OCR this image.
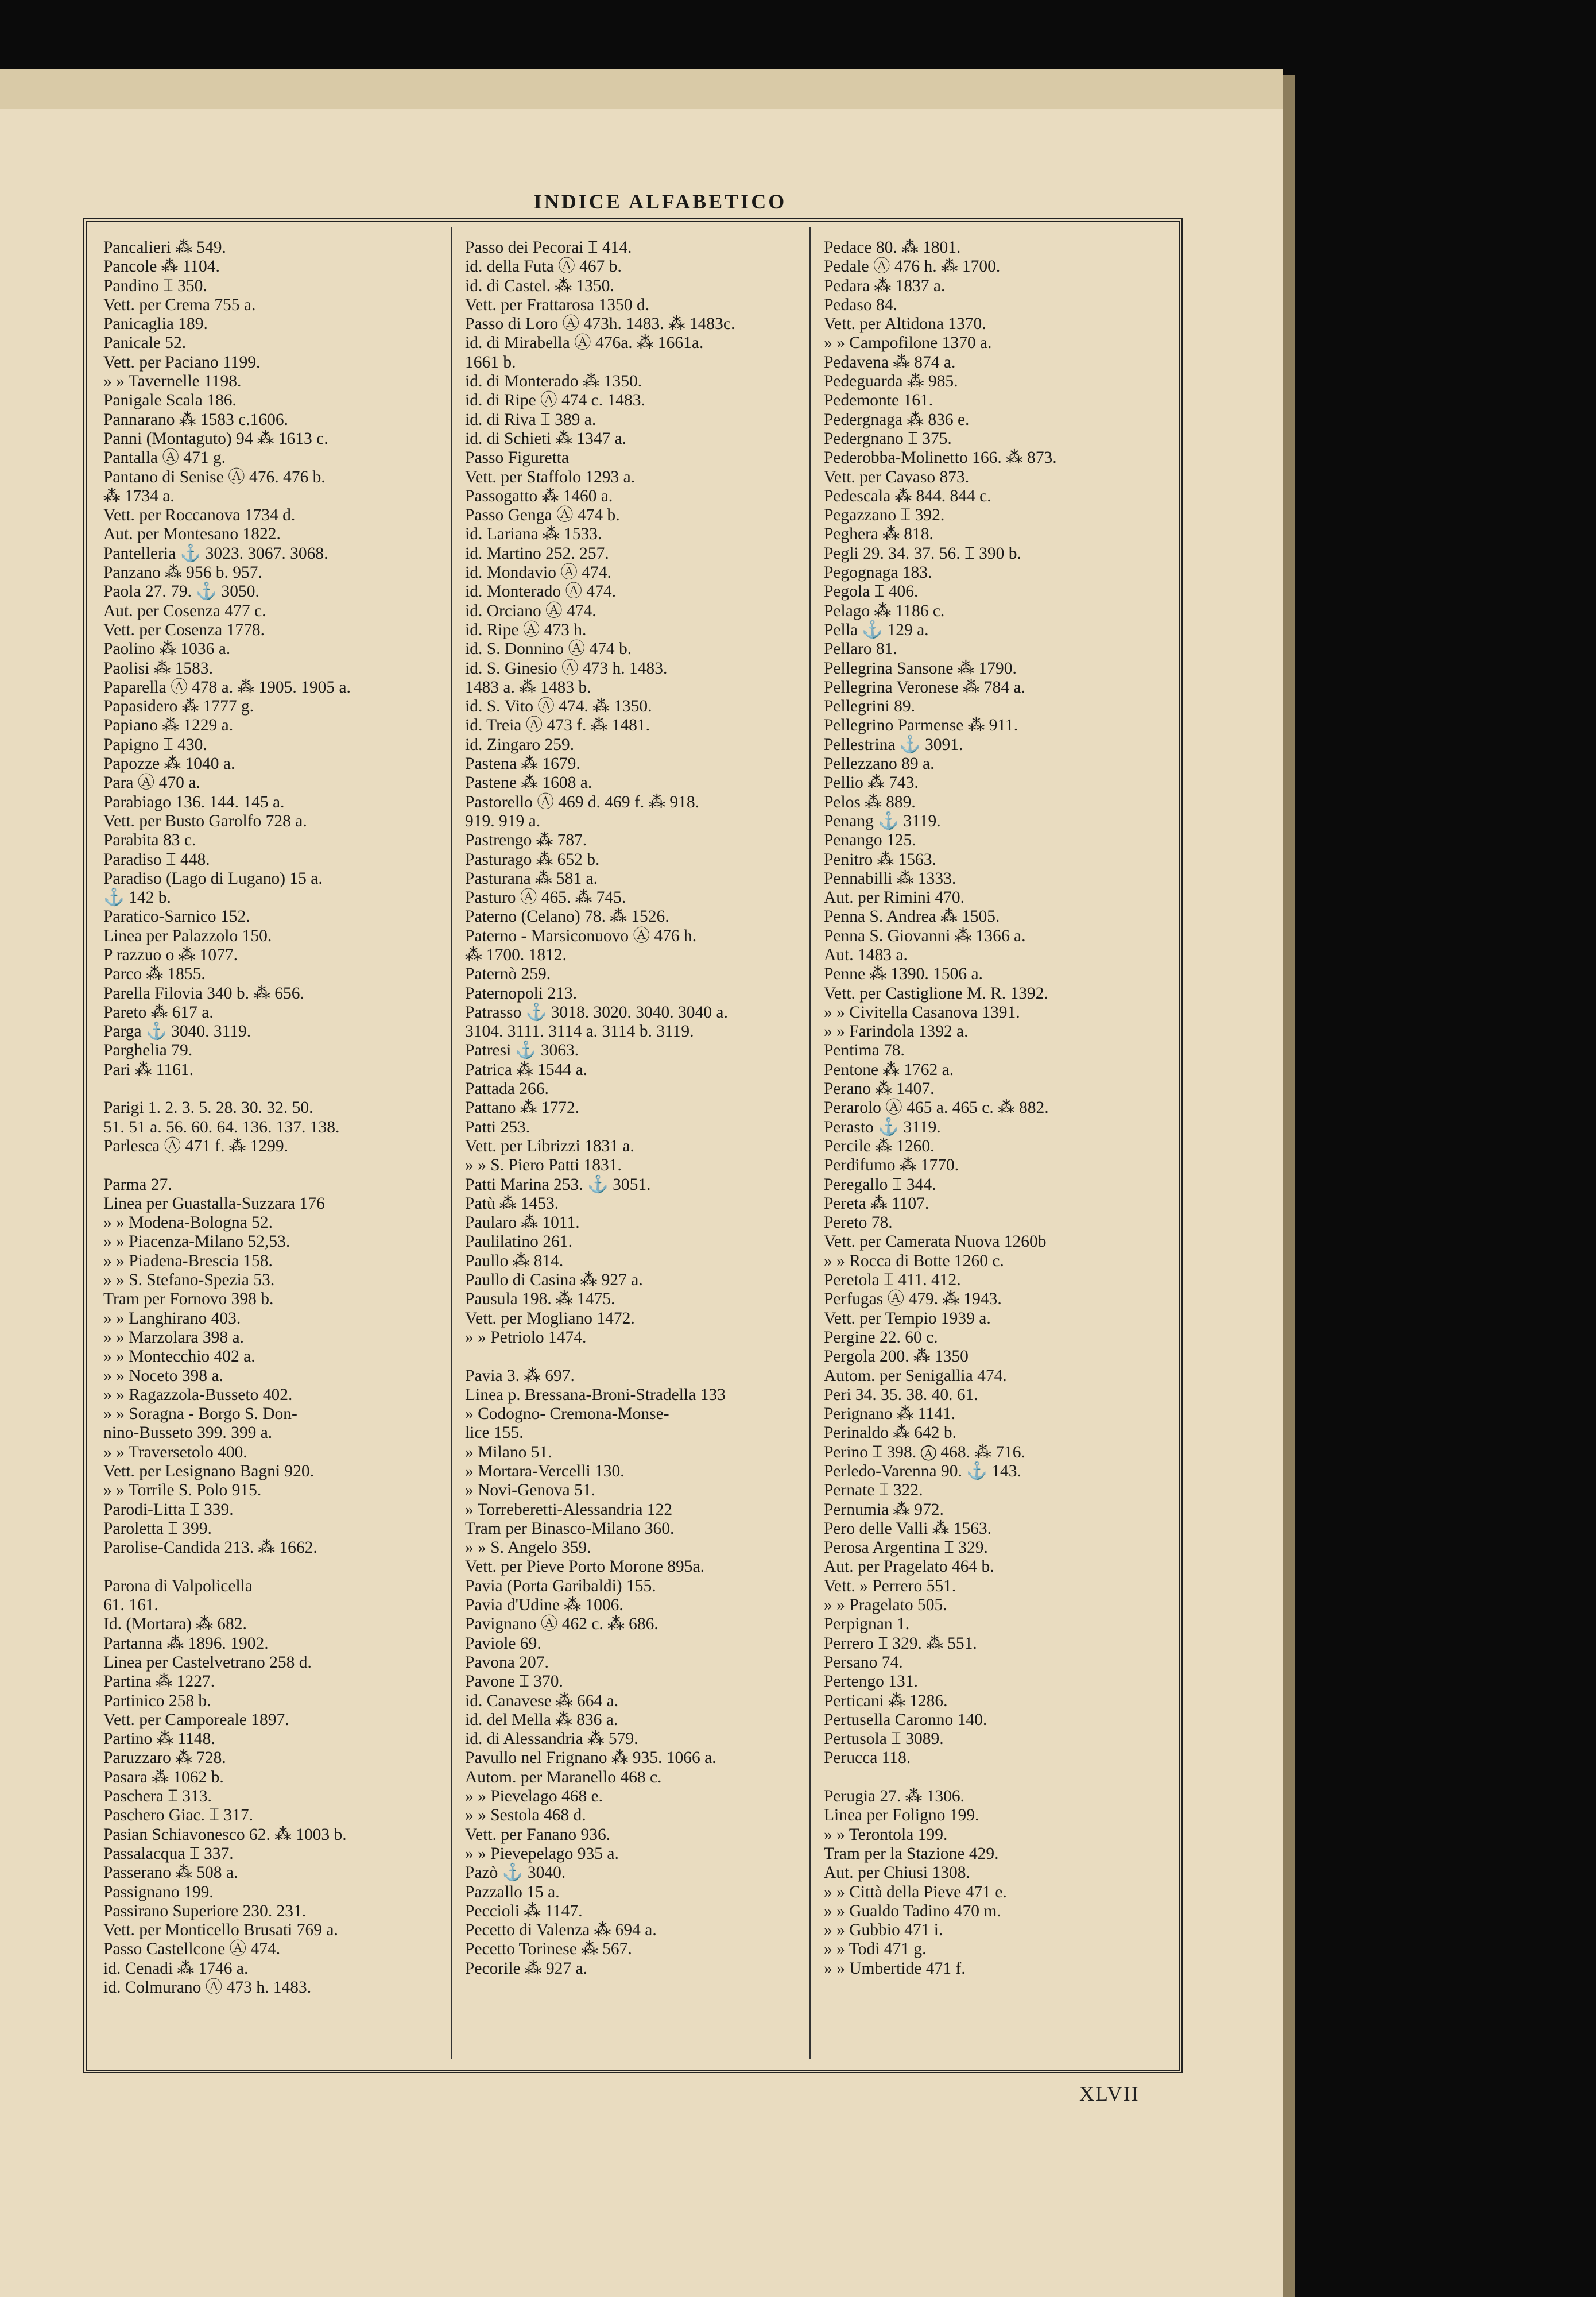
INDICE ALFABETICO
Pancalieri ⁂ 549.
Pancole ⁂ 1104.
Pandino ⌶ 350.
Vett. per Crema 755 a.
Panicaglia 189.
Panicale 52.
Vett. per Paciano 1199.
» » Tavernelle 1198.
Panigale Scala 186.
Pannarano ⁂ 1583 c.1606.
Panni (Montaguto) 94 ⁂ 1613 c.
Pantalla Ⓐ 471 g.
Pantano di Senise Ⓐ 476. 476 b.
⁂ 1734 a.
Vett. per Roccanova 1734 d.
Aut. per Montesano 1822.
Pantelleria ⚓ 3023. 3067. 3068.
Panzano ⁂ 956 b. 957.
Paola 27. 79. ⚓ 3050.
Aut. per Cosenza 477 c.
Vett. per Cosenza 1778.
Paolino ⁂ 1036 a.
Paolisi ⁂ 1583.
Paparella Ⓐ 478 a. ⁂ 1905. 1905 a.
Papasidero ⁂ 1777 g.
Papiano ⁂ 1229 a.
Papigno ⌶ 430.
Papozze ⁂ 1040 a.
Para Ⓐ 470 a.
Parabiago 136. 144. 145 a.
Vett. per Busto Garolfo 728 a.
Parabita 83 c.
Paradiso ⌶ 448.
Paradiso (Lago di Lugano) 15 a.
⚓ 142 b.
Paratico-Sarnico 152.
Linea per Palazzolo 150.
P razzuo o ⁂ 1077.
Parco ⁂ 1855.
Parella Filovia 340 b. ⁂ 656.
Pareto ⁂ 617 a.
Parga ⚓ 3040. 3119.
Parghelia 79.
Pari ⁂ 1161.

Parigi 1. 2. 3. 5. 28. 30. 32. 50.
51. 51 a. 56. 60. 64. 136. 137. 138.
Parlesca Ⓐ 471 f. ⁂ 1299.

Parma 27.
Linea per Guastalla-Suzzara 176
» » Modena-Bologna 52.
» » Piacenza-Milano 52,53.
» » Piadena-Brescia 158.
» » S. Stefano-Spezia 53.
Tram per Fornovo 398 b.
» » Langhirano 403.
» » Marzolara 398 a.
» » Montecchio 402 a.
» » Noceto 398 a.
» » Ragazzola-Busseto 402.
» » Soragna - Borgo S. Don-
nino-Busseto 399. 399 a.
» » Traversetolo 400.
Vett. per Lesignano Bagni 920.
» » Torrile S. Polo 915.
Parodi-Litta ⌶ 339.
Paroletta ⌶ 399.
Parolise-Candida 213. ⁂ 1662.

Parona di Valpolicella
61. 161.
Id. (Mortara) ⁂ 682.
Partanna ⁂ 1896. 1902.
Linea per Castelvetrano 258 d.
Partina ⁂ 1227.
Partinico 258 b.
Vett. per Camporeale 1897.
Partino ⁂ 1148.
Paruzzaro ⁂ 728.
Pasara ⁂ 1062 b.
Paschera ⌶ 313.
Paschero Giac. ⌶ 317.
Pasian Schiavonesco 62. ⁂ 1003 b.
Passalacqua ⌶ 337.
Passerano ⁂ 508 a.
Passignano 199.
Passirano Superiore 230. 231.
Vett. per Monticello Brusati 769 a.
Passo Castellcone Ⓐ 474.
id. Cenadi ⁂ 1746 a.
id. Colmurano Ⓐ 473 h. 1483.
Passo dei Pecorai ⌶ 414.
id. della Futa Ⓐ 467 b.
id. di Castel. ⁂ 1350.
Vett. per Frattarosa 1350 d.
Passo di Loro Ⓐ 473h. 1483. ⁂ 1483c.
id. di Mirabella Ⓐ 476a. ⁂ 1661a.
1661 b.
id. di Monterado ⁂ 1350.
id. di Ripe Ⓐ 474 c. 1483.
id. di Riva ⌶ 389 a.
id. di Schieti ⁂ 1347 a.
Passo Figuretta
Vett. per Staffolo 1293 a.
Passogatto ⁂ 1460 a.
Passo Genga Ⓐ 474 b.
id. Lariana ⁂ 1533.
id. Martino 252. 257.
id. Mondavio Ⓐ 474.
id. Monterado Ⓐ 474.
id. Orciano Ⓐ 474.
id. Ripe Ⓐ 473 h.
id. S. Donnino Ⓐ 474 b.
id. S. Ginesio Ⓐ 473 h. 1483.
1483 a. ⁂ 1483 b.
id. S. Vito Ⓐ 474. ⁂ 1350.
id. Treia Ⓐ 473 f. ⁂ 1481.
id. Zingaro 259.
Pastena ⁂ 1679.
Pastene ⁂ 1608 a.
Pastorello Ⓐ 469 d. 469 f. ⁂ 918.
919. 919 a.
Pastrengo ⁂ 787.
Pasturago ⁂ 652 b.
Pasturana ⁂ 581 a.
Pasturo Ⓐ 465. ⁂ 745.
Paterno (Celano) 78. ⁂ 1526.
Paterno - Marsiconuovo Ⓐ 476 h.
⁂ 1700. 1812.
Paternò 259.
Paternopoli 213.
Patrasso ⚓ 3018. 3020. 3040. 3040 a.
3104. 3111. 3114 a. 3114 b. 3119.
Patresi ⚓ 3063.
Patrica ⁂ 1544 a.
Pattada 266.
Pattano ⁂ 1772.
Patti 253.
Vett. per Librizzi 1831 a.
» » S. Piero Patti 1831.
Patti Marina 253. ⚓ 3051.
Patù ⁂ 1453.
Paularo ⁂ 1011.
Paulilatino 261.
Paullo ⁂ 814.
Paullo di Casina ⁂ 927 a.
Pausula 198. ⁂ 1475.
Vett. per Mogliano 1472.
» » Petriolo 1474.

Pavia 3. ⁂ 697.
Linea p. Bressana-Broni-Stradella 133
» Codogno- Cremona-Monse-
lice 155.
» Milano 51.
» Mortara-Vercelli 130.
» Novi-Genova 51.
» Torreberetti-Alessandria 122
Tram per Binasco-Milano 360.
» » S. Angelo 359.
Vett. per Pieve Porto Morone 895a.
Pavia (Porta Garibaldi) 155.
Pavia d'Udine ⁂ 1006.
Pavignano Ⓐ 462 c. ⁂ 686.
Paviole 69.
Pavona 207.
Pavone ⌶ 370.
id. Canavese ⁂ 664 a.
id. del Mella ⁂ 836 a.
id. di Alessandria ⁂ 579.
Pavullo nel Frignano ⁂ 935. 1066 a.
Autom. per Maranello 468 c.
» » Pievelago 468 e.
» » Sestola 468 d.
Vett. per Fanano 936.
» » Pievepelago 935 a.
Pazò ⚓ 3040.
Pazzallo 15 a.
Peccioli ⁂ 1147.
Pecetto di Valenza ⁂ 694 a.
Pecetto Torinese ⁂ 567.
Pecorile ⁂ 927 a.
Pedace 80. ⁂ 1801.
Pedale Ⓐ 476 h. ⁂ 1700.
Pedara ⁂ 1837 a.
Pedaso 84.
Vett. per Altidona 1370.
» » Campofilone 1370 a.
Pedavena ⁂ 874 a.
Pedeguarda ⁂ 985.
Pedemonte 161.
Pedergnaga ⁂ 836 e.
Pedergnano ⌶ 375.
Pederobba-Molinetto 166. ⁂ 873.
Vett. per Cavaso 873.
Pedescala ⁂ 844. 844 c.
Pegazzano ⌶ 392.
Peghera ⁂ 818.
Pegli 29. 34. 37. 56. ⌶ 390 b.
Pegognaga 183.
Pegola ⌶ 406.
Pelago ⁂ 1186 c.
Pella ⚓ 129 a.
Pellaro 81.
Pellegrina Sansone ⁂ 1790.
Pellegrina Veronese ⁂ 784 a.
Pellegrini 89.
Pellegrino Parmense ⁂ 911.
Pellestrina ⚓ 3091.
Pellezzano 89 a.
Pellio ⁂ 743.
Pelos ⁂ 889.
Penang ⚓ 3119.
Penango 125.
Penitro ⁂ 1563.
Pennabilli ⁂ 1333.
Aut. per Rimini 470.
Penna S. Andrea ⁂ 1505.
Penna S. Giovanni ⁂ 1366 a.
Aut. 1483 a.
Penne ⁂ 1390. 1506 a.
Vett. per Castiglione M. R. 1392.
» » Civitella Casanova 1391.
» » Farindola 1392 a.
Pentima 78.
Pentone ⁂ 1762 a.
Perano ⁂ 1407.
Perarolo Ⓐ 465 a. 465 c. ⁂ 882.
Perasto ⚓ 3119.
Percile ⁂ 1260.
Perdifumo ⁂ 1770.
Peregallo ⌶ 344.
Pereta ⁂ 1107.
Pereto 78.
Vett. per Camerata Nuova 1260b
» » Rocca di Botte 1260 c.
Peretola ⌶ 411. 412.
Perfugas Ⓐ 479. ⁂ 1943.
Vett. per Tempio 1939 a.
Pergine 22. 60 c.
Pergola 200. ⁂ 1350
Autom. per Senigallia 474.
Peri 34. 35. 38. 40. 61.
Perignano ⁂ 1141.
Perinaldo ⁂ 642 b.
Perino ⌶ 398. Ⓐ 468. ⁂ 716.
Perledo-Varenna 90. ⚓ 143.
Pernate ⌶ 322.
Pernumia ⁂ 972.
Pero delle Valli ⁂ 1563.
Perosa Argentina ⌶ 329.
Aut. per Pragelato 464 b.
Vett. » Perrero 551.
» » Pragelato 505.
Perpignan 1.
Perrero ⌶ 329. ⁂ 551.
Persano 74.
Pertengo 131.
Perticani ⁂ 1286.
Pertusella Caronno 140.
Pertusola ⌶ 3089.
Perucca 118.

Perugia 27. ⁂ 1306.
Linea per Foligno 199.
» » Terontola 199.
Tram per la Stazione 429.
Aut. per Chiusi 1308.
» » Città della Pieve 471 e.
» » Gualdo Tadino 470 m.
» » Gubbio 471 i.
» » Todi 471 g.
» » Umbertide 471 f.
XLVII
